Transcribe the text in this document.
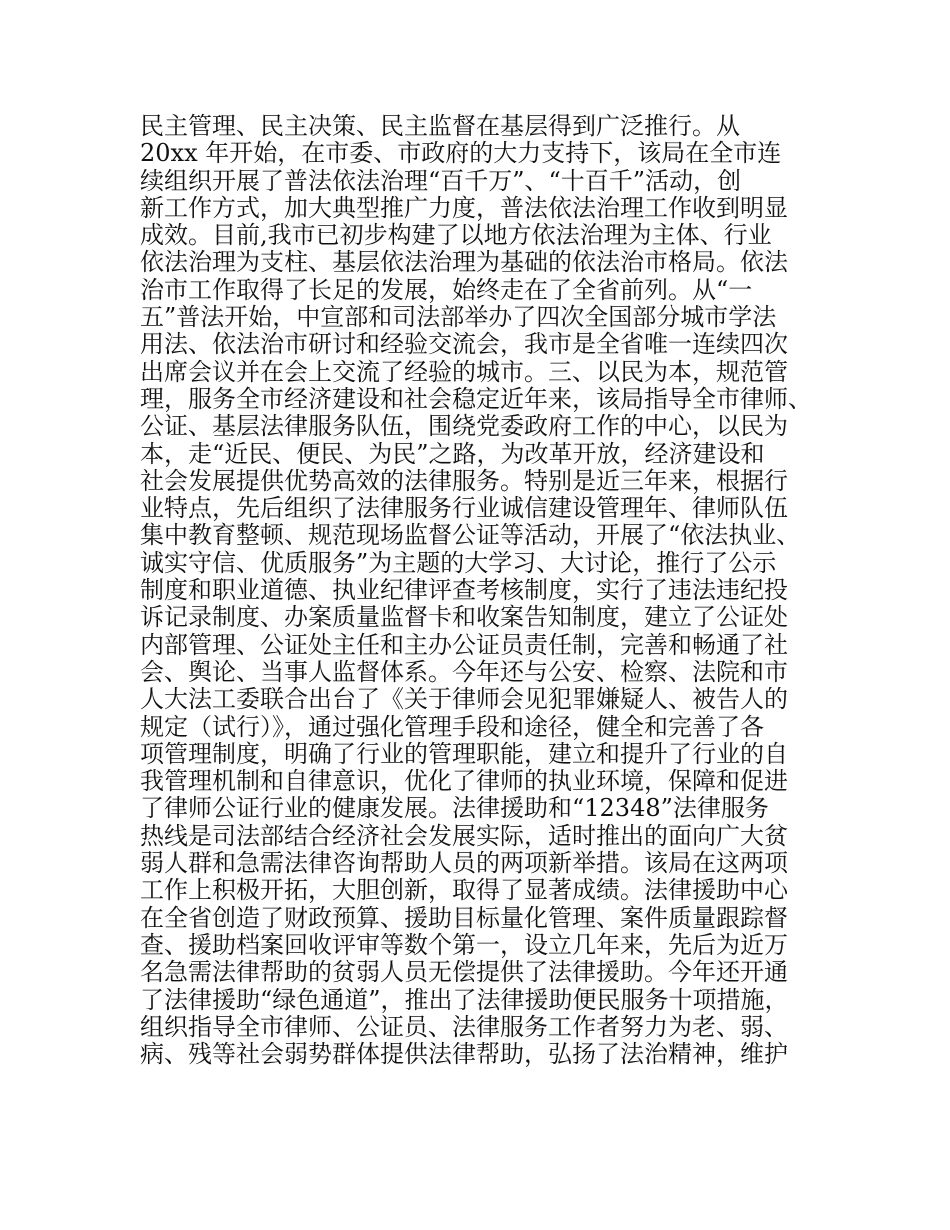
民主管理、民主决策、民主监督在基层得到广泛推行。从
20xx 年开始，在市委、市政府的大力支持下，该局在全市连
续组织开展了普法依法治理“百千万”、“十百千”活动，创
新工作方式，加大典型推广力度，普法依法治理工作收到明显
成效。目前,我市已初步构建了以地方依法治理为主体、行业
依法治理为支柱、基层依法治理为基础的依法治市格局。依法
治市工作取得了长足的发展，始终走在了全省前列。从“一
五”普法开始，中宣部和司法部举办了四次全国部分城市学法
用法、依法治市研讨和经验交流会，我市是全省唯一连续四次
出席会议并在会上交流了经验的城市。三、以民为本，规范管
理，服务全市经济建设和社会稳定近年来，该局指导全市律师、
公证、基层法律服务队伍，围绕党委政府工作的中心，以民为
本，走“近民、便民、为民”之路，为改革开放，经济建设和
社会发展提供优势高效的法律服务。特别是近三年来，根据行
业特点，先后组织了法律服务行业诚信建设管理年、律师队伍
集中教育整顿、规范现场监督公证等活动，开展了“依法执业、
诚实守信、优质服务”为主题的大学习、大讨论，推行了公示
制度和职业道德、执业纪律评查考核制度，实行了违法违纪投
诉记录制度、办案质量监督卡和收案告知制度，建立了公证处
内部管理、公证处主任和主办公证员责任制，完善和畅通了社
会、舆论、当事人监督体系。今年还与公安、检察、法院和市
人大法工委联合出台了《关于律师会见犯罪嫌疑人、被告人的
规定（试行）》，通过强化管理手段和途径，健全和完善了各
项管理制度，明确了行业的管理职能，建立和提升了行业的自
我管理机制和自律意识，优化了律师的执业环境，保障和促进
了律师公证行业的健康发展。法律援助和“12348”法律服务
热线是司法部结合经济社会发展实际，适时推出的面向广大贫
弱人群和急需法律咨询帮助人员的两项新举措。该局在这两项
工作上积极开拓，大胆创新，取得了显著成绩。法律援助中心
在全省创造了财政预算、援助目标量化管理、案件质量跟踪督
查、援助档案回收评审等数个第一，设立几年来，先后为近万
名急需法律帮助的贫弱人员无偿提供了法律援助。今年还开通
了法律援助“绿色通道”，推出了法律援助便民服务十项措施，
组织指导全市律师、公证员、法律服务工作者努力为老、弱、
病、残等社会弱势群体提供法律帮助，弘扬了法治精神，维护
